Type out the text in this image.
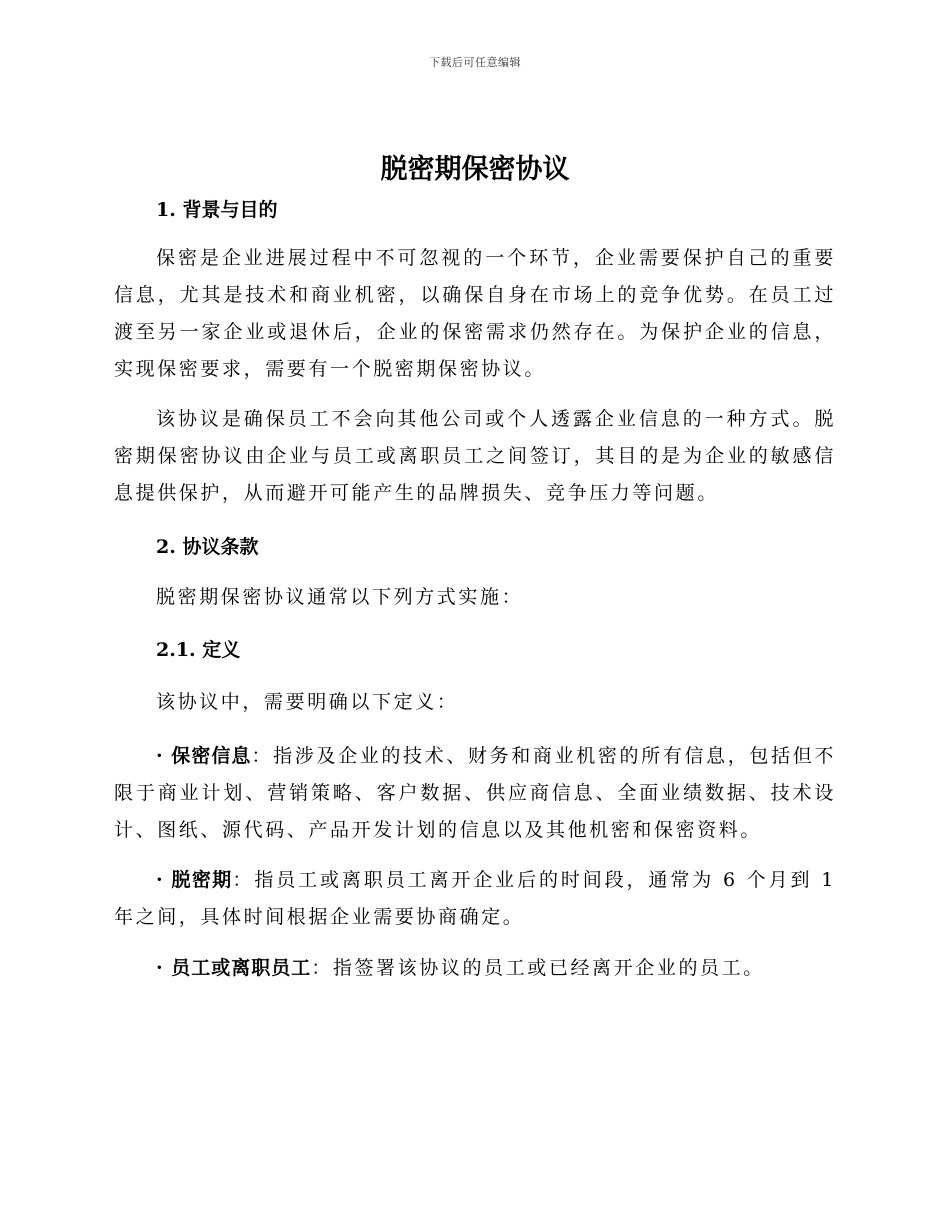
下载后可任意编辑
脱密期保密协议

1. 背景与目的

保密是企业进展过程中不可忽视的一个环节，企业需要保护自己的重要信息，尤其是技术和商业机密，以确保自身在市场上的竞争优势。在员工过渡至另一家企业或退休后，企业的保密需求仍然存在。为保护企业的信息，实现保密要求，需要有一个脱密期保密协议。

该协议是确保员工不会向其他公司或个人透露企业信息的一种方式。脱密期保密协议由企业与员工或离职员工之间签订，其目的是为企业的敏感信息提供保护，从而避开可能产生的品牌损失、竞争压力等问题。

2. 协议条款

脱密期保密协议通常以下列方式实施：

2.1. 定义

该协议中，需要明确以下定义：

· 保密信息：指涉及企业的技术、财务和商业机密的所有信息，包括但不限于商业计划、营销策略、客户数据、供应商信息、全面业绩数据、技术设计、图纸、源代码、产品开发计划的信息以及其他机密和保密资料。

· 脱密期：指员工或离职员工离开企业后的时间段，通常为 6 个月到 1 年之间，具体时间根据企业需要协商确定。

· 员工或离职员工：指签署该协议的员工或已经离开企业的员工。
